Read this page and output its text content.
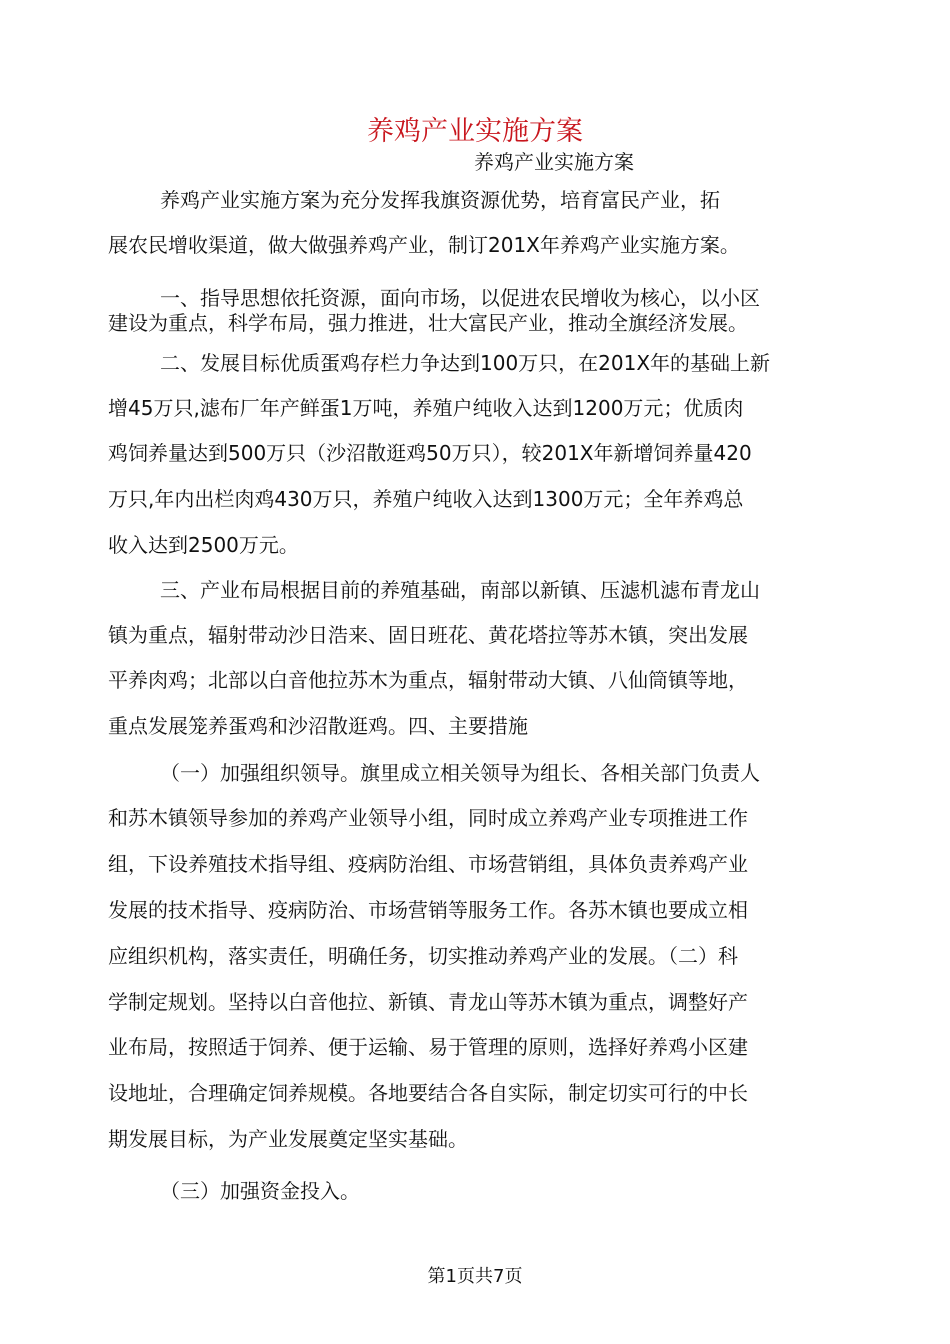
养鸡产业实施方案
养鸡产业实施方案
养鸡产业实施方案为充分发挥我旗资源优势，培育富民产业，拓
展农民增收渠道，做大做强养鸡产业，制订201X年养鸡产业实施方案。
一、指导思想依托资源，面向市场，以促进农民增收为核心，以小区
建设为重点，科学布局，强力推进，壮大富民产业，推动全旗经济发展。
二、发展目标优质蛋鸡存栏力争达到100万只，在201X年的基础上新
增45万只,滤布厂年产鲜蛋1万吨，养殖户纯收入达到1200万元；优质肉
鸡饲养量达到500万只（沙沼散逛鸡50万只），较201X年新增饲养量420
万只,年内出栏肉鸡430万只，养殖户纯收入达到1300万元；全年养鸡总
收入达到2500万元。
三、产业布局根据目前的养殖基础，南部以新镇、压滤机滤布青龙山
镇为重点，辐射带动沙日浩来、固日班花、黄花塔拉等苏木镇，突出发展
平养肉鸡；北部以白音他拉苏木为重点，辐射带动大镇、八仙筒镇等地，
重点发展笼养蛋鸡和沙沼散逛鸡。四、主要措施
（一）加强组织领导。旗里成立相关领导为组长、各相关部门负责人
和苏木镇领导参加的养鸡产业领导小组，同时成立养鸡产业专项推进工作
组，下设养殖技术指导组、疫病防治组、市场营销组，具体负责养鸡产业
发展的技术指导、疫病防治、市场营销等服务工作。各苏木镇也要成立相
应组织机构，落实责任，明确任务，切实推动养鸡产业的发展。（二）科
学制定规划。坚持以白音他拉、新镇、青龙山等苏木镇为重点，调整好产
业布局，按照适于饲养、便于运输、易于管理的原则，选择好养鸡小区建
设地址，合理确定饲养规模。各地要结合各自实际，制定切实可行的中长
期发展目标，为产业发展奠定坚实基础。
（三）加强资金投入。
第1页共7页
